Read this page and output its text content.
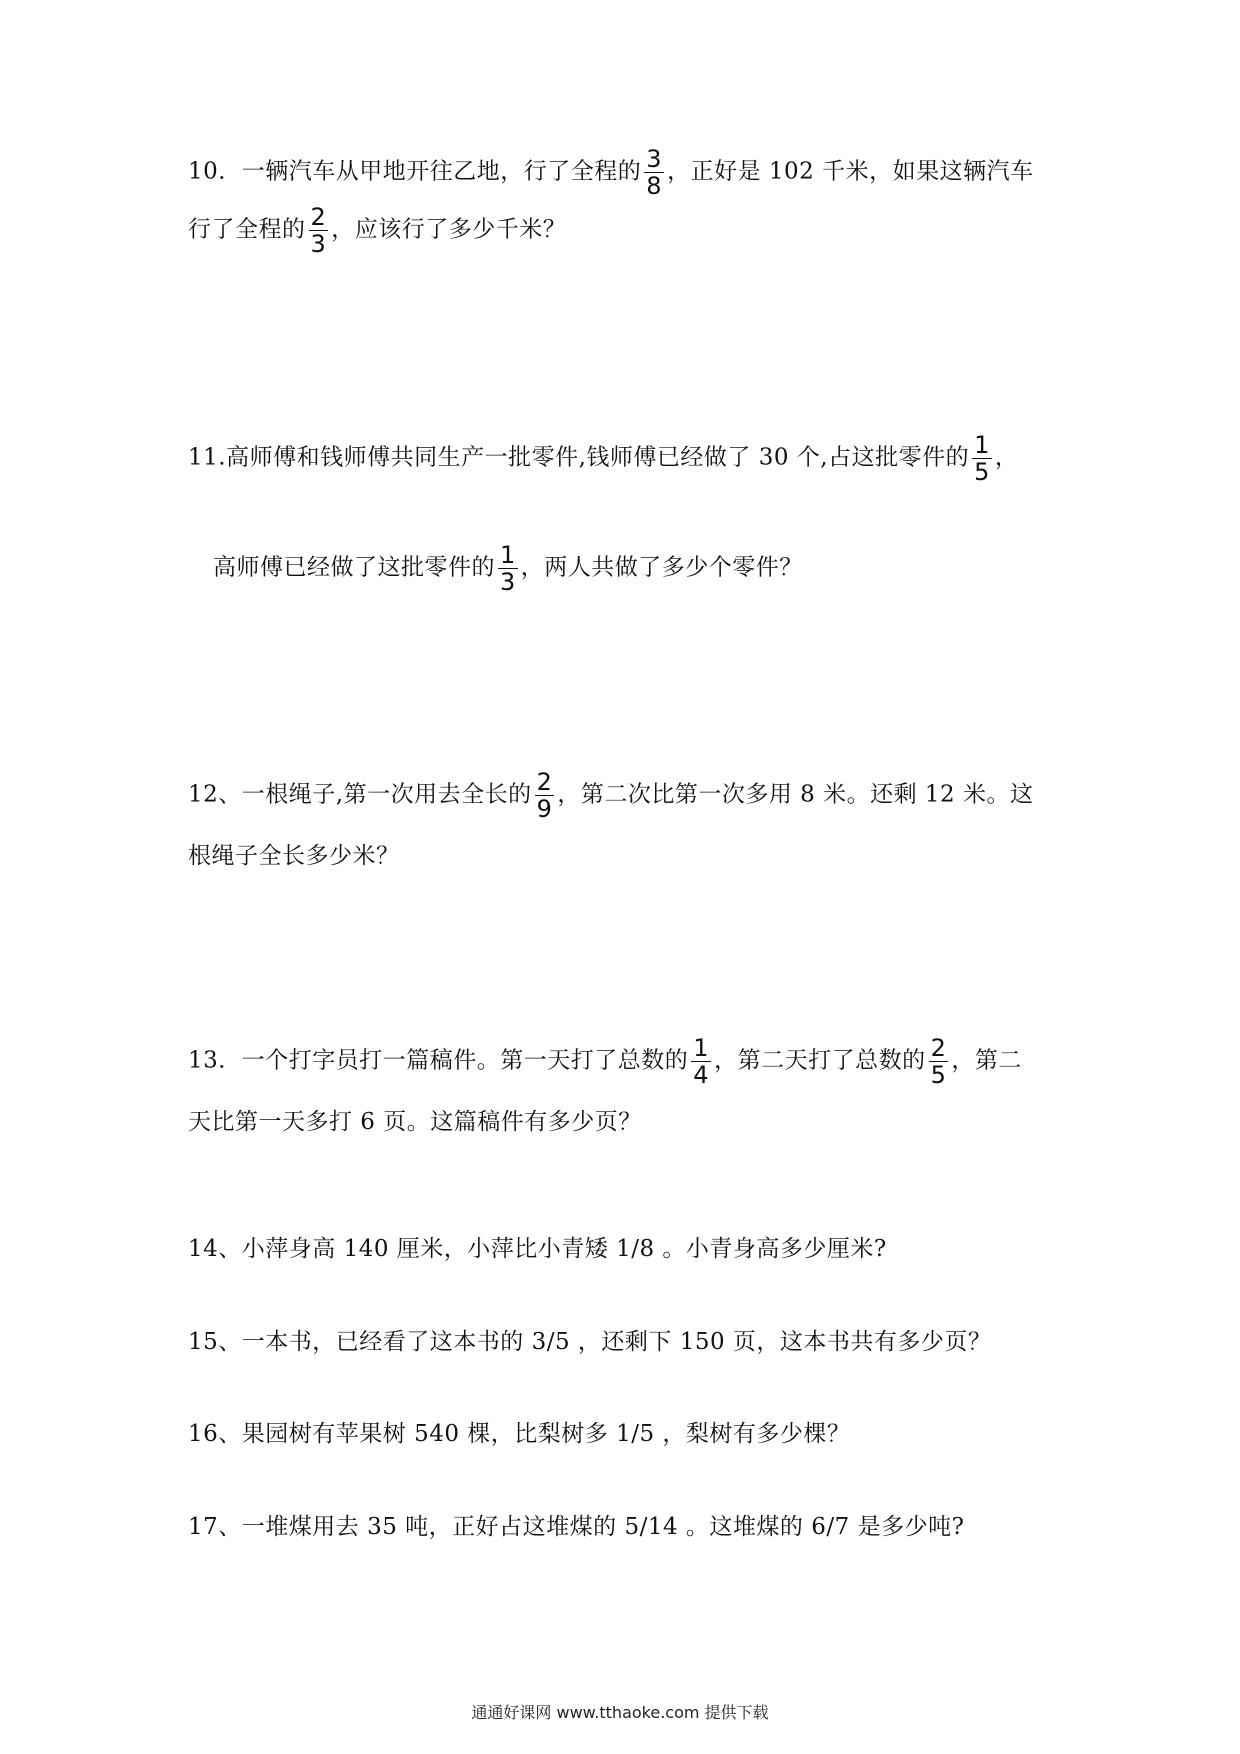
10．一辆汽车从甲地开往乙地，行了全程的 $\frac{3}{8}$ ，正好是 102 千米，如果这辆汽车
行了全程的 $\frac{2}{3}$ ，应该行了多少千米？
11.高师傅和钱师傅共同生产一批零件,钱师傅已经做了 30 个,占这批零件的 $\frac{1}{5}$ ，
高师傅已经做了这批零件的 $\frac{1}{3}$ ，两人共做了多少个零件？
12、一根绳子,第一次用去全长的 $\frac{2}{9}$ ，第二次比第一次多用 8 米。还剩 12 米。这
根绳子全长多少米？
13．一个打字员打一篇稿件。第一天打了总数的 $\frac{1}{4}$ ，第二天打了总数的 $\frac{2}{5}$ ，第二
天比第一天多打 6 页。这篇稿件有多少页？
14、小萍身高 140 厘米，小萍比小青矮 1/8 。小青身高多少厘米?
15、一本书，已经看了这本书的 3/5 ，还剩下 150 页，这本书共有多少页？
16、果园树有苹果树 540 棵，比梨树多 1/5 ，梨树有多少棵？
17、一堆煤用去 35 吨，正好占这堆煤的 5/14 。这堆煤的 6/7 是多少吨?
通通好课网 www.tthaoke.com 提供下载
